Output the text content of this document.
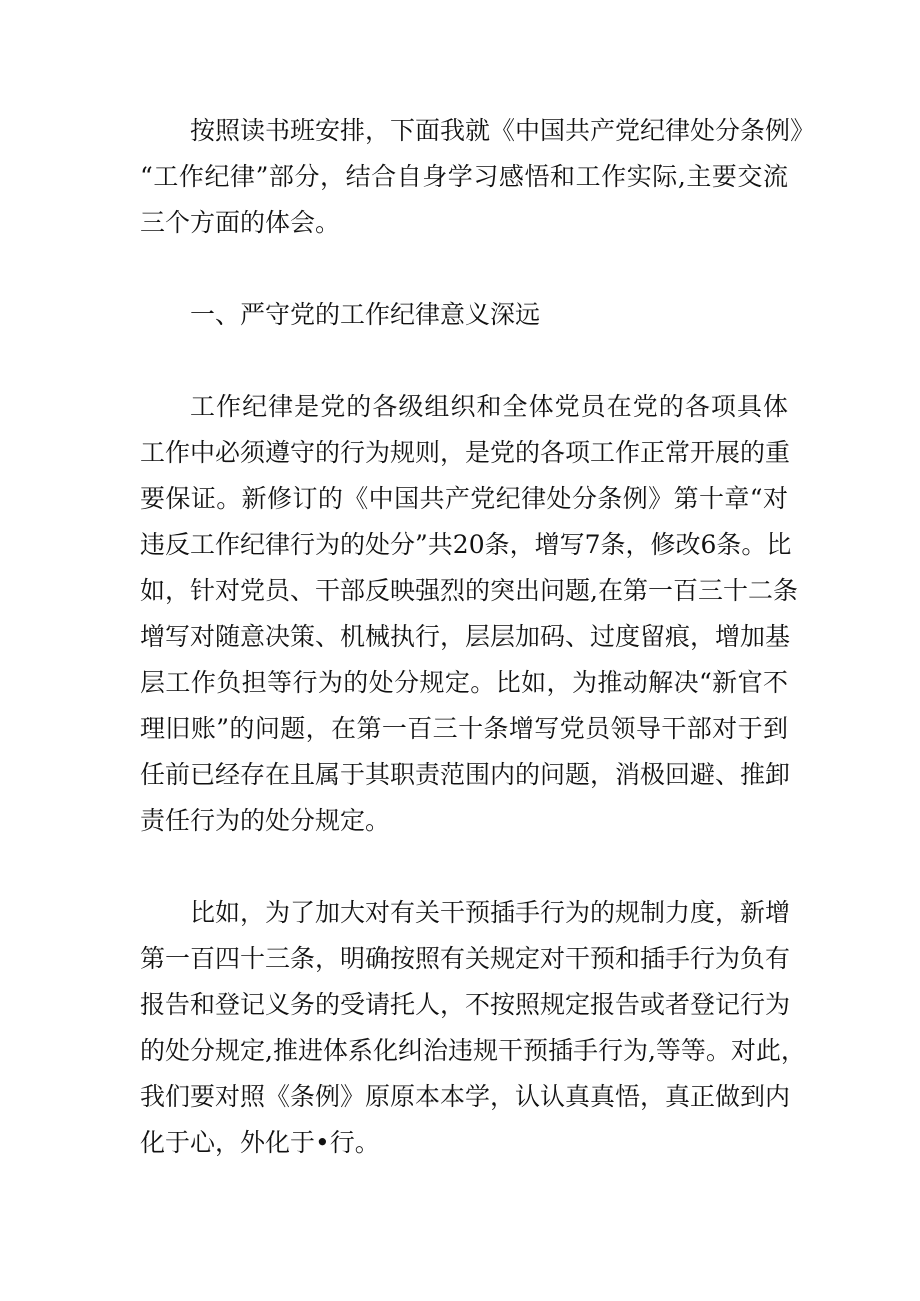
按照读书班安排，下面我就《中国共产党纪律处分条例》
“工作纪律”部分，结合自身学习感悟和工作实际,主要交流
三个方面的体会。
一、严守党的工作纪律意义深远
工作纪律是党的各级组织和全体党员在党的各项具体
工作中必须遵守的行为规则，是党的各项工作正常开展的重
要保证。新修订的《中国共产党纪律处分条例》第十章“对
违反工作纪律行为的处分”共20条，增写7条，修改6条。比
如，针对党员、干部反映强烈的突出问题,在第一百三十二条
增写对随意决策、机械执行，层层加码、过度留痕，增加基
层工作负担等行为的处分规定。比如，为推动解决“新官不
理旧账”的问题，在第一百三十条增写党员领导干部对于到
任前已经存在且属于其职责范围内的问题，消极回避、推卸
责任行为的处分规定。
比如，为了加大对有关干预插手行为的规制力度，新增
第一百四十三条，明确按照有关规定对干预和插手行为负有
报告和登记义务的受请托人，不按照规定报告或者登记行为
的处分规定,推进体系化纠治违规干预插手行为,等等。对此，
我们要对照《条例》原原本本学，认认真真悟，真正做到内
化于心，外化于•行。
